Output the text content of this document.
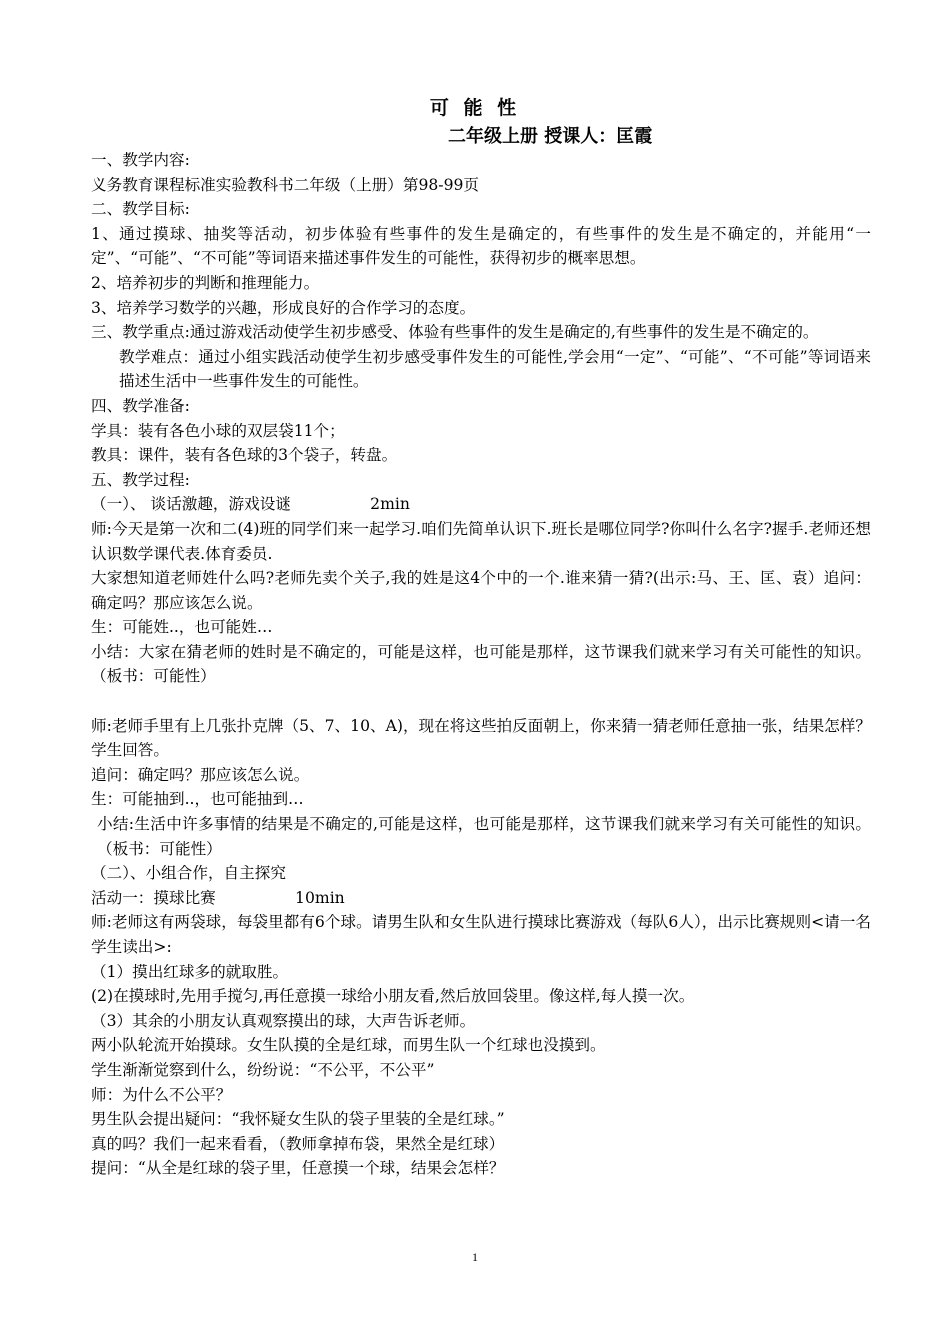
可 能 性
二年级上册 授课人：匡霞

一、教学内容:

义务教育课程标准实验教科书二年级（上册）第98-99页

二、教学目标:

1、通过摸球、抽奖等活动，初步体验有些事件的发生是确定的，有些事件的发生是不确定的，并能用“一定”、“可能”、“不可能”等词语来描述事件发生的可能性，获得初步的概率思想。

2、培养初步的判断和推理能力。

3、培养学习数学的兴趣，形成良好的合作学习的态度。

三、教学重点:通过游戏活动使学生初步感受、体验有些事件的发生是确定的,有些事件的发生是不确定的。

教学难点：通过小组实践活动使学生初步感受事件发生的可能性,学会用“一定”、“可能”、“不可能”等词语来描述生活中一些事件发生的可能性。

四、教学准备:

学具：装有各色小球的双层袋11个；

教具：课件，装有各色球的3个袋子，转盘。

五、教学过程:

（一）、 谈话激趣，游戏设谜                2min

师:今天是第一次和二(4)班的同学们来一起学习.咱们先简单认识下.班长是哪位同学?你叫什么名字?握手.老师还想认识数学课代表.体育委员.

大家想知道老师姓什么吗?老师先卖个关子,我的姓是这4个中的一个.谁来猜一猜?(出示:马、王、匡、袁）追问：确定吗？那应该怎么说。

生：可能姓..，也可能姓…

小结：大家在猜老师的姓时是不确定的，可能是这样，也可能是那样，这节课我们就来学习有关可能性的知识。（板书：可能性）

师:老师手里有上几张扑克牌（5、7、10、A)，现在将这些拍反面朝上，你来猜一猜老师任意抽一张，结果怎样？学生回答。

追问：确定吗？那应该怎么说。

生：可能抽到..，也可能抽到…

小结:生活中许多事情的结果是不确定的,可能是这样，也可能是那样，这节课我们就来学习有关可能性的知识。（板书：可能性）

（二）、小组合作，自主探究

活动一：摸球比赛                10min

师:老师这有两袋球，每袋里都有6个球。请男生队和女生队进行摸球比赛游戏（每队6人），出示比赛规则<请一名学生读出>:

（1）摸出红球多的就取胜。

(2)在摸球时,先用手搅匀,再任意摸一球给小朋友看,然后放回袋里。像这样,每人摸一次。

（3）其余的小朋友认真观察摸出的球，大声告诉老师。

两小队轮流开始摸球。女生队摸的全是红球，而男生队一个红球也没摸到。

学生渐渐觉察到什么，纷纷说：“不公平，不公平”

师：为什么不公平？

男生队会提出疑问：“我怀疑女生队的袋子里装的全是红球。”

真的吗？我们一起来看看，（教师拿掉布袋，果然全是红球）

提问：“从全是红球的袋子里，任意摸一个球，结果会怎样？

1
